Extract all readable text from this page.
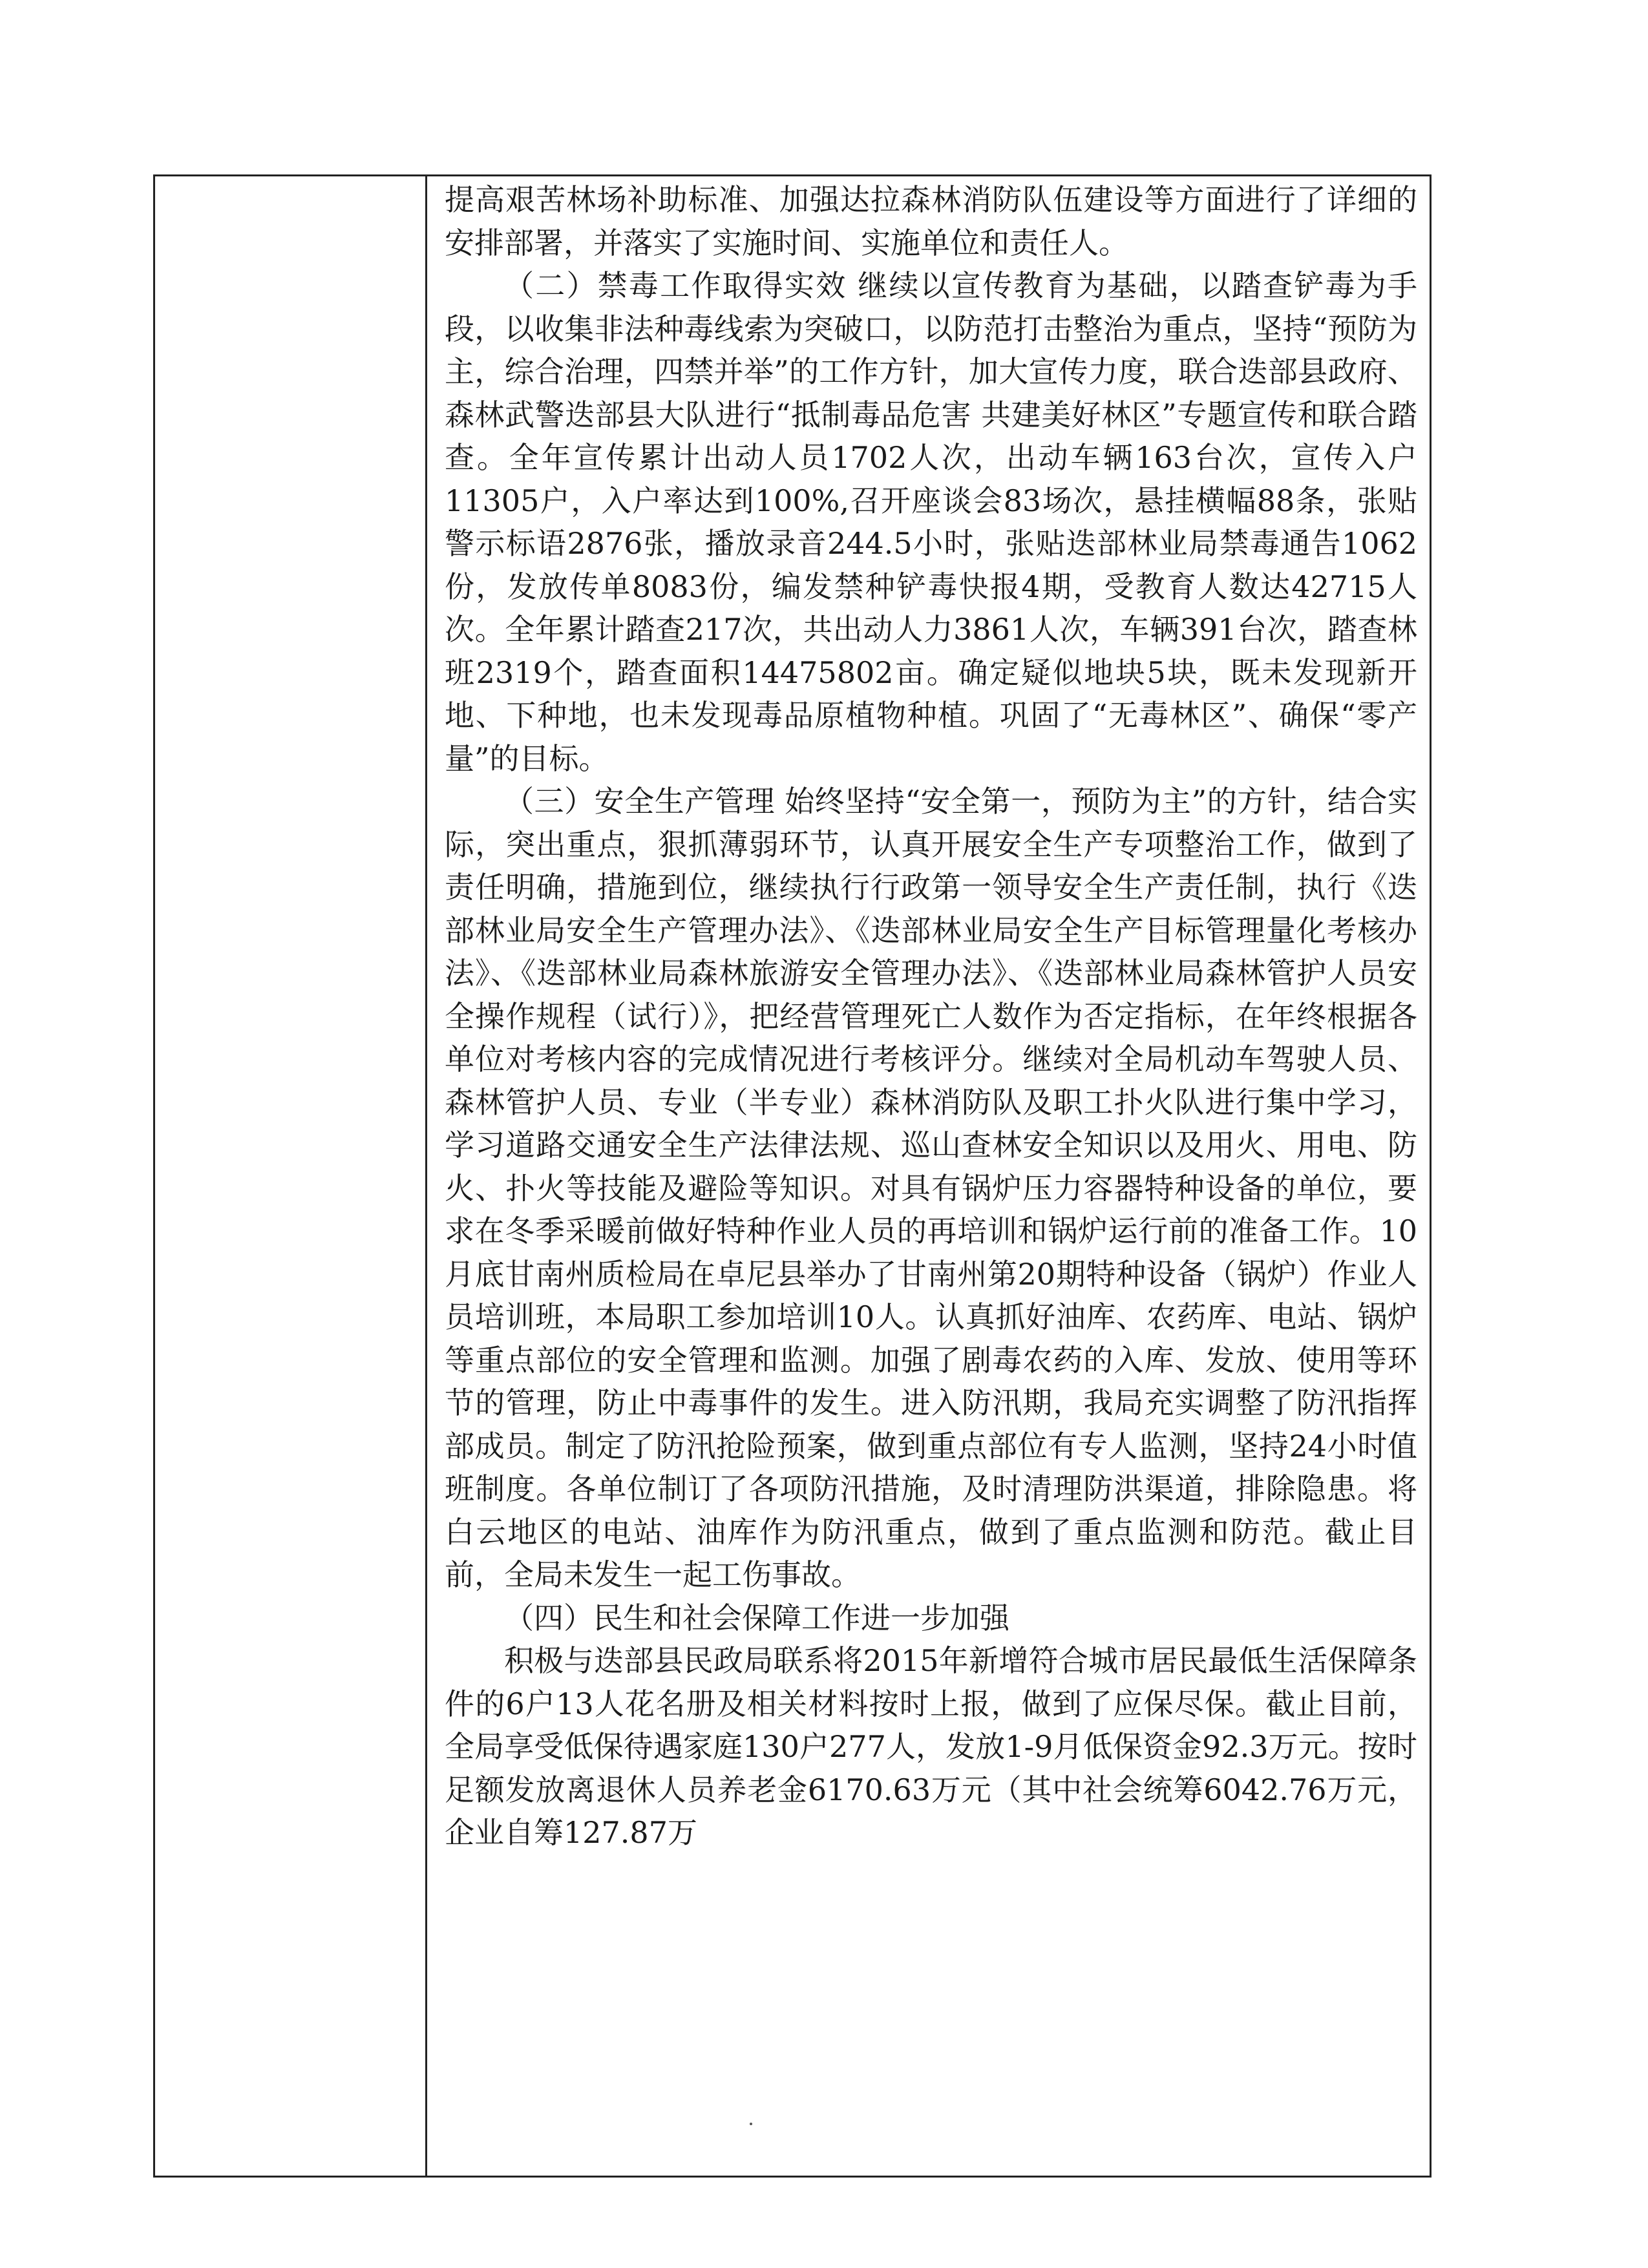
提高艰苦林场补助标准、加强达拉森林消防队伍建设等方面进行了详细的安排部署，并落实了实施时间、实施单位和责任人。

（二）禁毒工作取得实效 继续以宣传教育为基础，以踏查铲毒为手段，以收集非法种毒线索为突破口，以防范打击整治为重点，坚持“预防为主，综合治理，四禁并举”的工作方针，加大宣传力度，联合迭部县政府、森林武警迭部县大队进行“抵制毒品危害 共建美好林区”专题宣传和联合踏查。全年宣传累计出动人员1702人次，出动车辆163台次，宣传入户11305户，入户率达到100%,召开座谈会83场次，悬挂横幅88条，张贴警示标语2876张，播放录音244.5小时，张贴迭部林业局禁毒通告1062份，发放传单8083份，编发禁种铲毒快报4期，受教育人数达42715人次。全年累计踏查217次，共出动人力3861人次，车辆391台次，踏查林班2319个，踏查面积14475802亩。确定疑似地块5块，既未发现新开地、下种地，也未发现毒品原植物种植。巩固了“无毒林区”、确保“零产量”的目标。

（三）安全生产管理 始终坚持“安全第一，预防为主”的方针，结合实际，突出重点，狠抓薄弱环节，认真开展安全生产专项整治工作，做到了责任明确，措施到位，继续执行行政第一领导安全生产责任制，执行《迭部林业局安全生产管理办法》、《迭部林业局安全生产目标管理量化考核办法》、《迭部林业局森林旅游安全管理办法》、《迭部林业局森林管护人员安全操作规程（试行）》，把经营管理死亡人数作为否定指标，在年终根据各单位对考核内容的完成情况进行考核评分。继续对全局机动车驾驶人员、森林管护人员、专业（半专业）森林消防队及职工扑火队进行集中学习，学习道路交通安全生产法律法规、巡山查林安全知识以及用火、用电、防火、扑火等技能及避险等知识。对具有锅炉压力容器特种设备的单位，要求在冬季采暖前做好特种作业人员的再培训和锅炉运行前的准备工作。10月底甘南州质检局在卓尼县举办了甘南州第20期特种设备（锅炉）作业人员培训班，本局职工参加培训10人。认真抓好油库、农药库、电站、锅炉等重点部位的安全管理和监测。加强了剧毒农药的入库、发放、使用等环节的管理，防止中毒事件的发生。进入防汛期，我局充实调整了防汛指挥部成员。制定了防汛抢险预案，做到重点部位有专人监测，坚持24小时值班制度。各单位制订了各项防汛措施，及时清理防洪渠道，排除隐患。将白云地区的电站、油库作为防汛重点，做到了重点监测和防范。截止目前，全局未发生一起工伤事故。

（四）民生和社会保障工作进一步加强

积极与迭部县民政局联系将2015年新增符合城市居民最低生活保障条件的6户13人花名册及相关材料按时上报，做到了应保尽保。截止目前，全局享受低保待遇家庭130户277人，发放1-9月低保资金92.3万元。按时足额发放离退休人员养老金6170.63万元（其中社会统筹6042.76万元，企业自筹127.87万
